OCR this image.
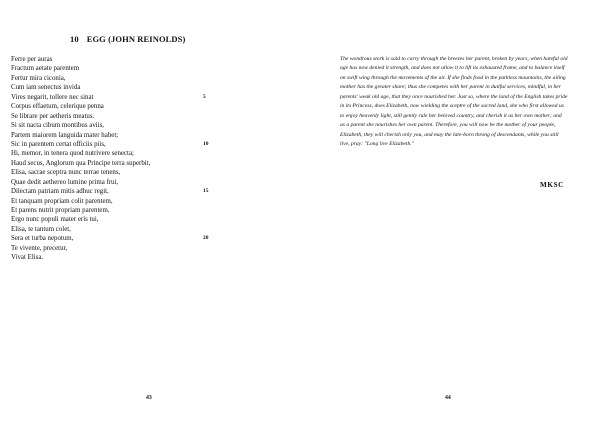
10 EGG (JOHN REINOLDS)
Ferre per auras
Fractum aetate parentem
Fertur mira ciconia,
Cum iam senectus invida
Vires negarit, tollere nec sinat	5
Corpus effaetum, celerique penna
Se librare per aetheris meatus.
Si sit nacta cibum montibus aviis,
Partem maiorem languida mater habet;
Sic in parentem certat officiis piis,	10
Hi, memor, in tenera quod nutrivere senecta;
Haud secus, Anglorum qua Principe terra superbit,
Elisa, sacrae sceptra nunc terrae tenens,
Quae dedit aethereo lumine prima frui,
Dilectam patriam mitis adhuc regit,	15
Et tanquam propriam colit parentem,
Et parens nutrit propriam parentem.
Ergo nunc populi mater eris tui,
Elisa, te tantum colet,
Sera et turba nepotum,	20
Te vivente, precetur,
Vivat Elisa.
The wondrous stork is said to carry through the breezes her parent, broken by years, when hateful old age has now denied it strength, and does not allow it to lift its exhausted frame, and to balance itself on swift wing through the movements of the air. If she finds food in the pathless mountains, the ailing mother has the greater share; thus she competes with her parent in dutiful services, mindful, in her parents' weak old age, that they once nourished her. Just so, where the land of the English takes pride in its Princess, does Elizabeth, now wielding the sceptre of the sacred land, she who first allowed us to enjoy heavenly light, still gently rule her beloved country, and cherish it as her own mother; and as a parent she nourishes her own parent. Therefore, you will now be the mother of your people, Elizabeth, they will cherish only you, and may the late-born throng of descendants, while you still live, pray: "Long live Elizabeth."
MKSC
43	44
